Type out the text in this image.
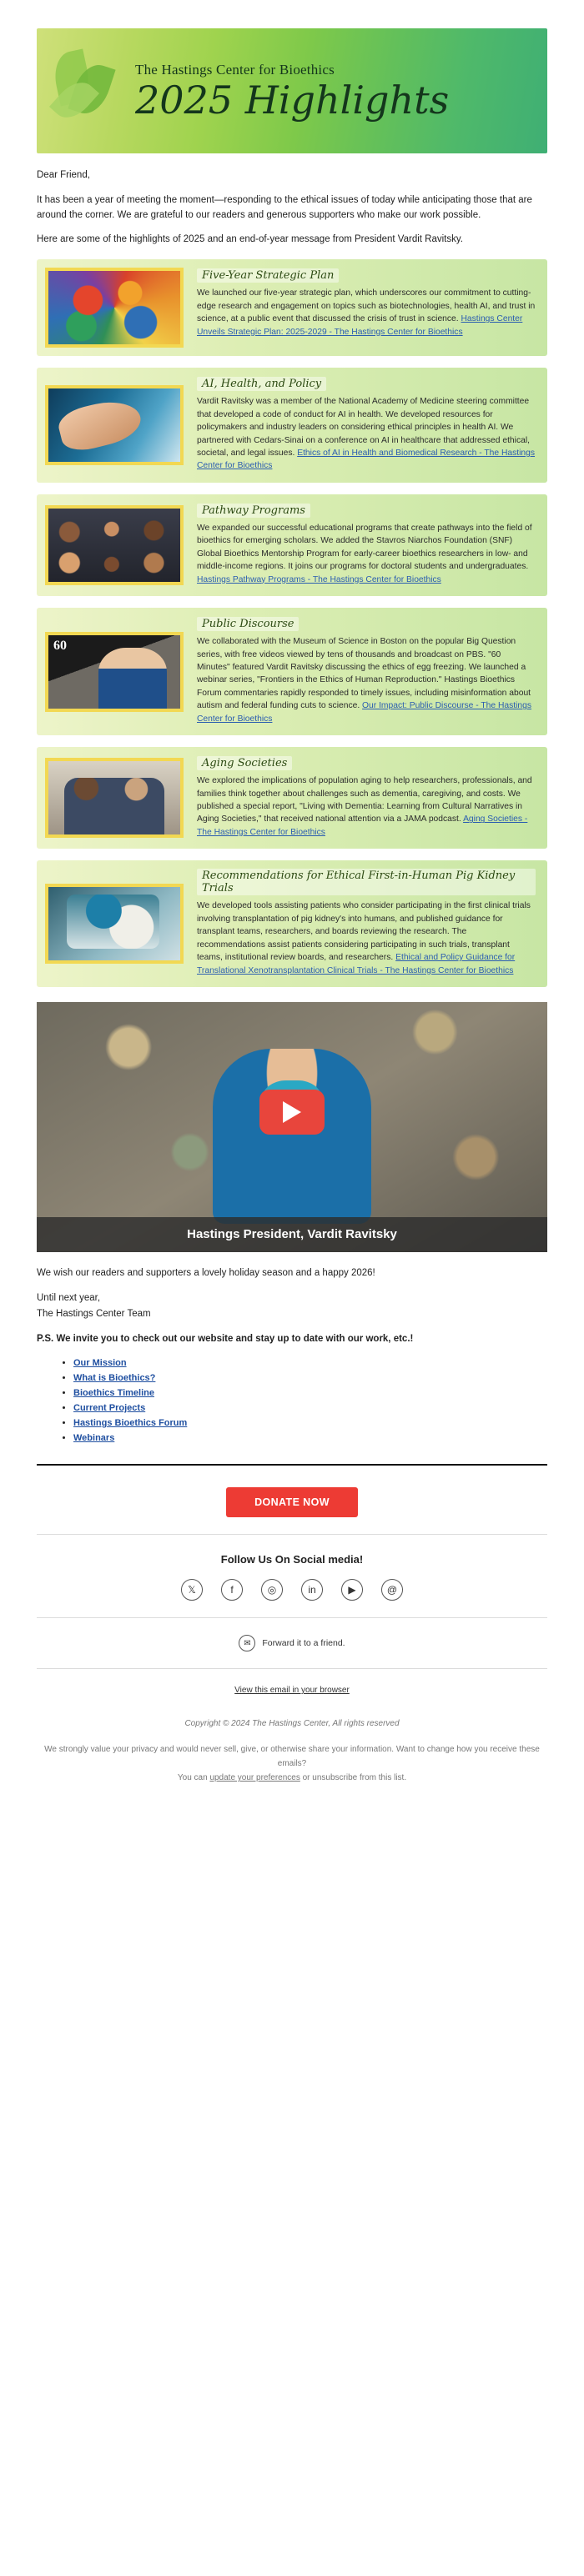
The Hastings Center for Bioethics
2025 Highlights

Dear Friend,

It has been a year of meeting the moment—responding to the ethical issues of today while anticipating those that are around the corner. We are grateful to our readers and generous supporters who make our work possible.

Here are some of the highlights of 2025 and an end-of-year message from President Vardit Ravitsky.

Five-Year Strategic Plan
We launched our five-year strategic plan, which underscores our commitment to cutting-edge research and engagement on topics such as biotechnologies, health AI, and trust in science, at a public event that discussed the crisis of trust in science. Hastings Center Unveils Strategic Plan: 2025-2029 - The Hastings Center for Bioethics
AI, Health, and Policy
Vardit Ravitsky was a member of the National Academy of Medicine steering committee that developed a code of conduct for AI in health. We developed resources for policymakers and industry leaders on considering ethical principles in health AI. We partnered with Cedars-Sinai on a conference on AI in healthcare that addressed ethical, societal, and legal issues. Ethics of AI in Health and Biomedical Research - The Hastings Center for Bioethics
Pathway Programs
We expanded our successful educational programs that create pathways into the field of bioethics for emerging scholars. We added the Stavros Niarchos Foundation (SNF) Global Bioethics Mentorship Program for early-career bioethics researchers in low- and middle-income regions. It joins our programs for doctoral students and undergraduates. Hastings Pathway Programs - The Hastings Center for Bioethics
60
Public Discourse
We collaborated with the Museum of Science in Boston on the popular Big Question series, with free videos viewed by tens of thousands and broadcast on PBS. "60 Minutes" featured Vardit Ravitsky discussing the ethics of egg freezing. We launched a webinar series, "Frontiers in the Ethics of Human Reproduction." Hastings Bioethics Forum commentaries rapidly responded to timely issues, including misinformation about autism and federal funding cuts to science. Our Impact: Public Discourse - The Hastings Center for Bioethics
Aging Societies
We explored the implications of population aging to help researchers, professionals, and families think together about challenges such as dementia, caregiving, and costs. We published a special report, "Living with Dementia: Learning from Cultural Narratives in Aging Societies," that received national attention via a JAMA podcast. Aging Societies - The Hastings Center for Bioethics
Recommendations for Ethical First-in-Human Pig Kidney Trials
We developed tools assisting patients who consider participating in the first clinical trials involving transplantation of pig kidney's into humans, and published guidance for transplant teams, researchers, and boards reviewing the research. The recommendations assist patients considering participating in such trials, transplant teams, institutional review boards, and researchers. Ethical and Policy Guidance for Translational Xenotransplantation Clinical Trials - The Hastings Center for Bioethics
Hastings President, Vardit Ravitsky

We wish our readers and supporters a lovely holiday season and a happy 2026!

Until next year,
The Hastings Center Team

P.S. We invite you to check out our website and stay up to date with our work, etc.!
• Our Mission
• What is Bioethics?
• Bioethics Timeline
• Current Projects
• Hastings Bioethics Forum
• Webinars
DONATE NOW
Follow Us On Social media!
𝕏	f	◎	in	▶	@
✉	Forward it to a friend.
View this email in your browser
Copyright © 2024 The Hastings Center, All rights reserved
We strongly value your privacy and would never sell, give, or otherwise share your information. Want to change how you receive these emails?
You can update your preferences or unsubscribe from this list.
